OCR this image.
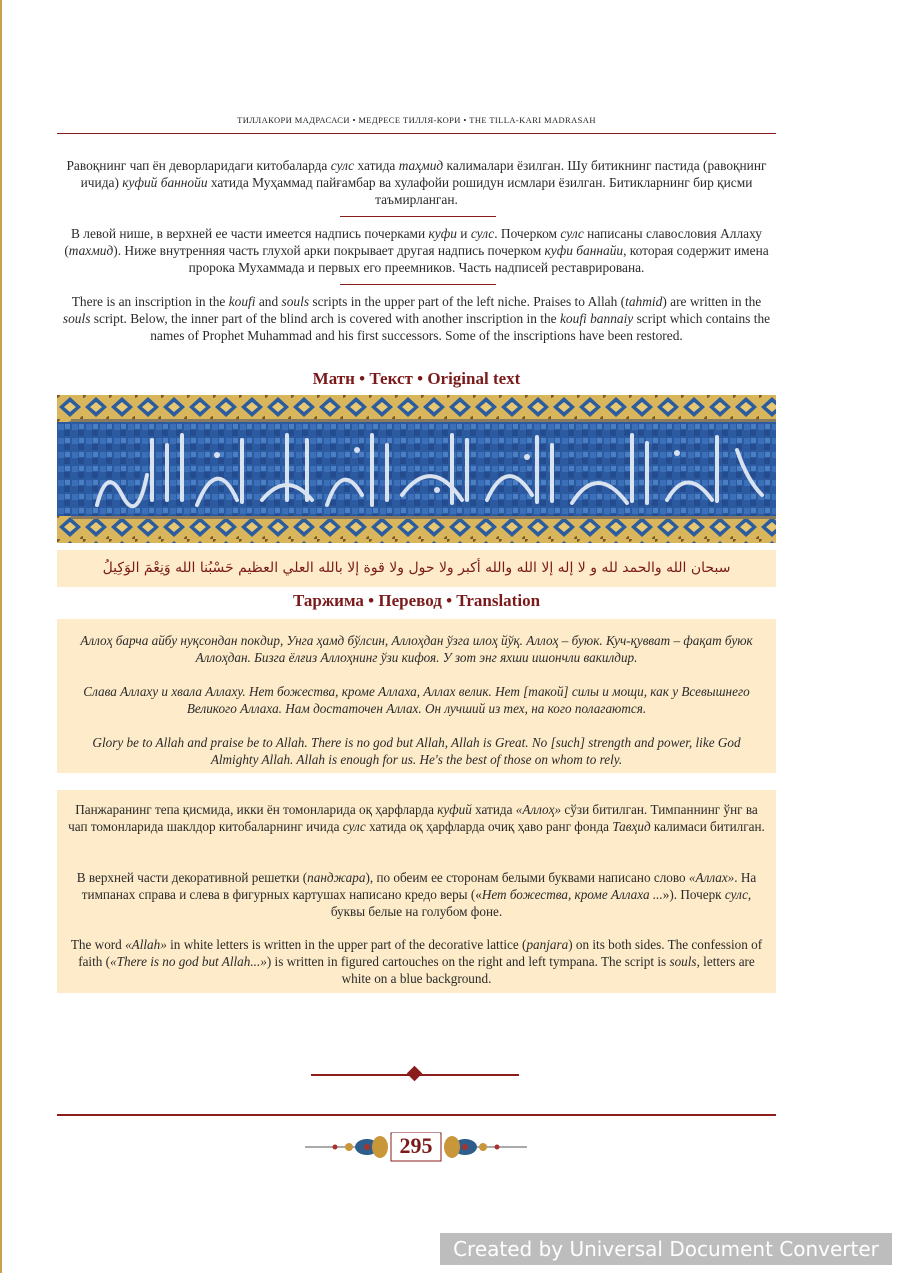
ТИЛЛАКОРИ МАДРАСАСИ • МЕДРЕСЕ ТИЛЛЯ-КОРИ • THE TILLA-KARI MADRASAH

Равоқнинг чап ён деворларидаги китобаларда сулс хатида таҳмид калималари ёзилган. Шу битикнинг пастида (равоқнинг ичида) куфий баннойи хатида Муҳаммад пайғамбар ва хулафойи рошидун исмлари ёзилган. Битикларнинг бир қисми таъмирланган.

В левой нише, в верхней ее части имеется надпись почерками куфи и сулс. Почерком сулс написаны славословия Аллаху (тахмид). Ниже внутренняя часть глухой арки покрывает другая надпись почерком куфи баннайи, которая содержит имена пророка Мухаммада и первых его преемников. Часть надписей реставрирована.

There is an inscription in the koufi and souls scripts in the upper part of the left niche. Praises to Allah (tahmid) are written in the souls script. Below, the inner part of the blind arch is covered with another inscription in the koufi bannaiy script which contains the names of Prophet Muhammad and his first successors. Some of the inscriptions have been restored.

Матн • Текст • Original text
سبحان الله والحمد لله و لا إله إلا الله والله أكبر ولا حول ولا قوة إلا بالله العلي العظيم حَسْبُنا الله وَنِعْمَ الوَكِيلُ
Таржима • Перевод • Translation

Аллоҳ барча айбу нуқсондан покдир, Унга ҳамд бўлсин, Аллоҳдан ўзга илоҳ йўқ. Аллоҳ – буюк. Куч-қувват – фақат буюк Аллоҳдан. Бизга ёлғиз Аллоҳнинг ўзи кифоя. У зот энг яхши ишончли вакилдир.

Слава Аллаху и хвала Аллаху. Нет божества, кроме Аллаха, Аллах велик. Нет [такой] силы и мощи, как у Всевышнего Великого Аллаха. Нам достаточен Аллах. Он лучший из тех, на кого полагаются.

Glory be to Allah and praise be to Allah. There is no god but Allah, Allah is Great. No [such] strength and power, like God Almighty Allah. Allah is enough for us. He's the best of those on whom to rely.

Панжаранинг тепа қисмида, икки ён томонларида оқ ҳарфларда куфий хатида «Аллоҳ» сўзи битилган. Тимпаннинг ўнг ва чап томонларида шаклдор китобаларнинг ичида сулс хатида оқ ҳарфларда очиқ ҳаво ранг фонда Тавҳид калимаси битилган.

В верхней части декоративной решетки (панджара), по обеим ее сторонам белыми буквами написано слово «Аллах». На тимпанах справа и слева в фигурных картушах написано кредо веры («Нет божества, кроме Аллаха ...»). Почерк сулс, буквы белые на голубом фоне.

The word «Allah» in white letters is written in the upper part of the decorative lattice (panjara) on its both sides. The confession of faith («There is no god but Allah...») is written in figured cartouches on the right and left tympana. The script is souls, letters are white on a blue background.

295
Created by Universal Document Converter
